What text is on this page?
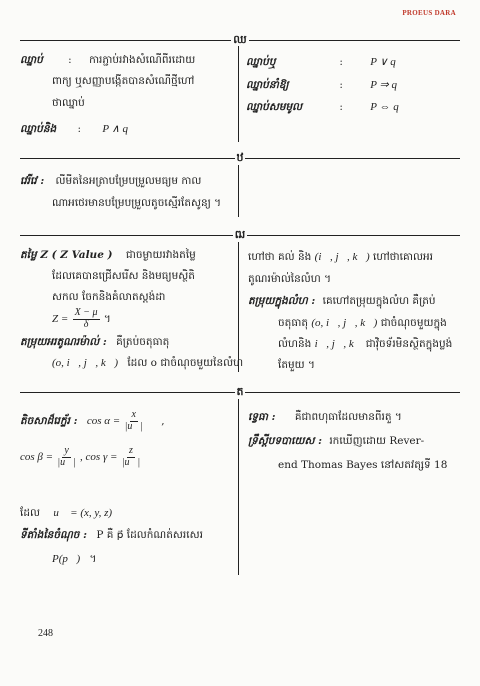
PROEUS DARA
ឈ
ឈ្នាប់ : ការភ្ជាប់រវាងសំណើពីរដោយ
ពាក្យ ឬសញ្ញាបង្កើតបានសំណើថ្មីហៅ
ថាឈ្នាប់
ឈ្នាប់និង : P ∧ q
ឈ្នាប់ឬ	: P ∨ q
ឈ្នាប់នាំឱ្យ	: P ⇒ q
ឈ្នាប់សមមូល	: P ⇔ q
ឋ
វេរីវេ : លីមីតនៃអត្រាបម្រែបម្រួលមធ្យម កាល
ណាអថេរមានបម្រែបម្រួលតូចស្មើរតែសូន្យ ។
ឍ
តម្លៃ Z ( Z Value ) ជាចម្ងាយរវាងតម្លៃ
ដែលគេបានជ្រើសរើស និងមធ្យមស្ថិតិ
សកល ចែកនិងគំលាតស្តង់ដា
$Z = \frac{X - \mu}{\delta}$ ។
តម្រុយអរតូណរម៉ាល់ : គឺត្រប់ចតុធាតុ
(o, i⃗, j⃗, k⃗) ដែល o ជាចំណុចមួយនៃលំហ
ហៅថា គល់ និង (i⃗, j⃗, k⃗) ហៅថាគោលអរ
តូណរម៉ាល់នៃលំហ ។
តម្រុយក្នុងលំហ : គេហៅតម្រុយក្នុងលំហ គឺត្រប់
ចតុធាតុ (o, i⃗, j⃗, k⃗) ជាចំណុចមួយក្នុង
លំហនិង i⃗, j⃗, k⃗ ជាវ៉ិចទ័រមិនស្ថិតក្នុងប្លង់
តែមួយ ។
ត
តិចសាដ៏រេក្ទ័រ : $\cos \alpha = \frac{x}{|u⃗|}$ ,
$\cos \beta = \frac{y}{|u⃗|}$ , $\cos \gamma = \frac{z}{|u⃗|}$
ដែល u⃗ = (x, y, z)
ទីតាំងនៃចំណុច : P គឺ p⃗ ដែលកំណត់សរសេរ
P(p⃗) ។
ទ្វេធា : គឺជាពហុធាដែលមានពីរតួ ។
ទ្រឹស្តីបទបាយេស : រកឃើញដោយ Rever-
end Thomas Bayes នៅសតវត្សទី 18
248
